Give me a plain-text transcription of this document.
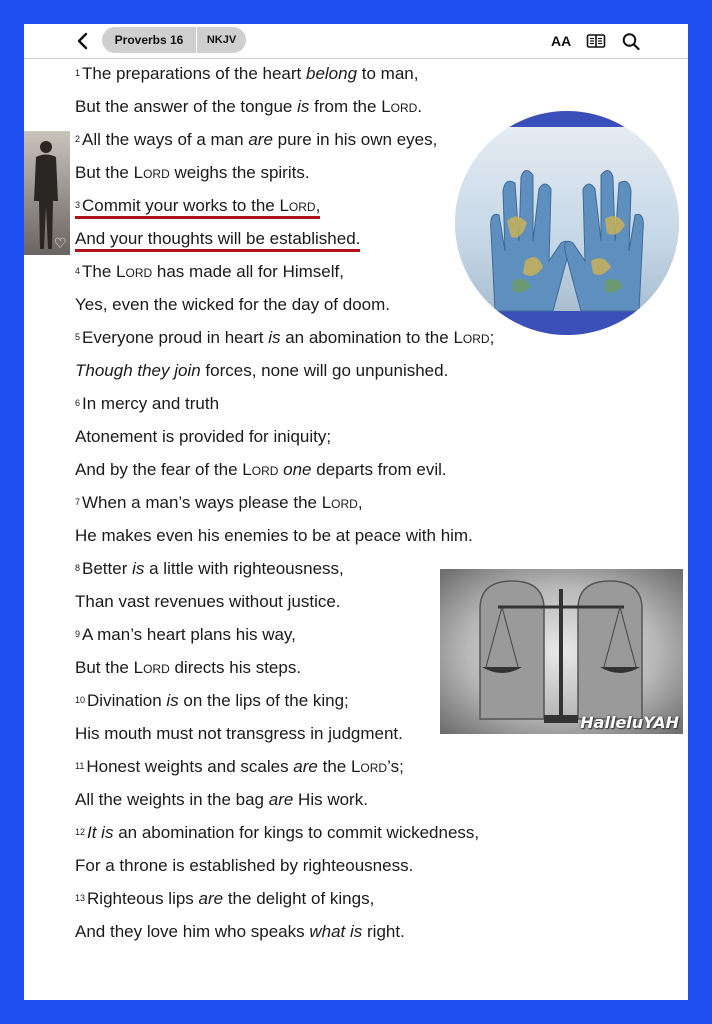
Proverbs 16	NKJV	AA
♡
HalleluYAH
$^1$ The preparations of the heart belong to man,
But the answer of the tongue is from the Lord.
$^2$ All the ways of a man are pure in his own eyes,
But the Lord weighs the spirits.
$^3$ Commit your works to the Lord,
And your thoughts will be established.
$^4$ The Lord has made all for Himself,
Yes, even the wicked for the day of doom.
$^5$ Everyone proud in heart is an abomination to the Lord;
Though they join forces, none will go unpunished.
$^6$ In mercy and truth
Atonement is provided for iniquity;
And by the fear of the Lord one departs from evil.
$^7$ When a man’s ways please the Lord,
He makes even his enemies to be at peace with him.
$^8$ Better is a little with righteousness,
Than vast revenues without justice.
$^9$ A man’s heart plans his way,
But the Lord directs his steps.
$^{10}$ Divination is on the lips of the king;
His mouth must not transgress in judgment.
$^{11}$ Honest weights and scales are the Lord’s;
All the weights in the bag are His work.
$^{12}$ It is an abomination for kings to commit wickedness,
For a throne is established by righteousness.
$^{13}$ Righteous lips are the delight of kings,
And they love him who speaks what is right.
